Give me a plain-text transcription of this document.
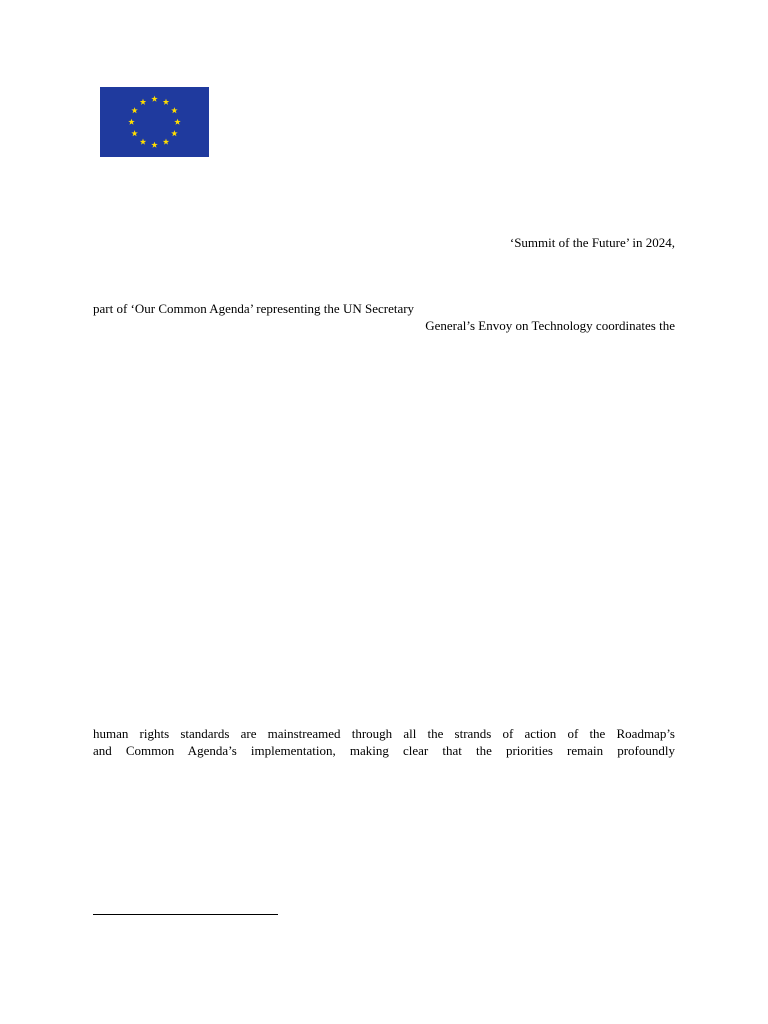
‘Summit of the Future’ in 2024,
part of ‘Our Common Agenda’ representing the UN Secretary
General’s Envoy on Technology coordinates the
human rights standards are mainstreamed through all the strands of action of the Roadmap’s
and Common Agenda’s implementation, making clear that the priorities remain profoundly
